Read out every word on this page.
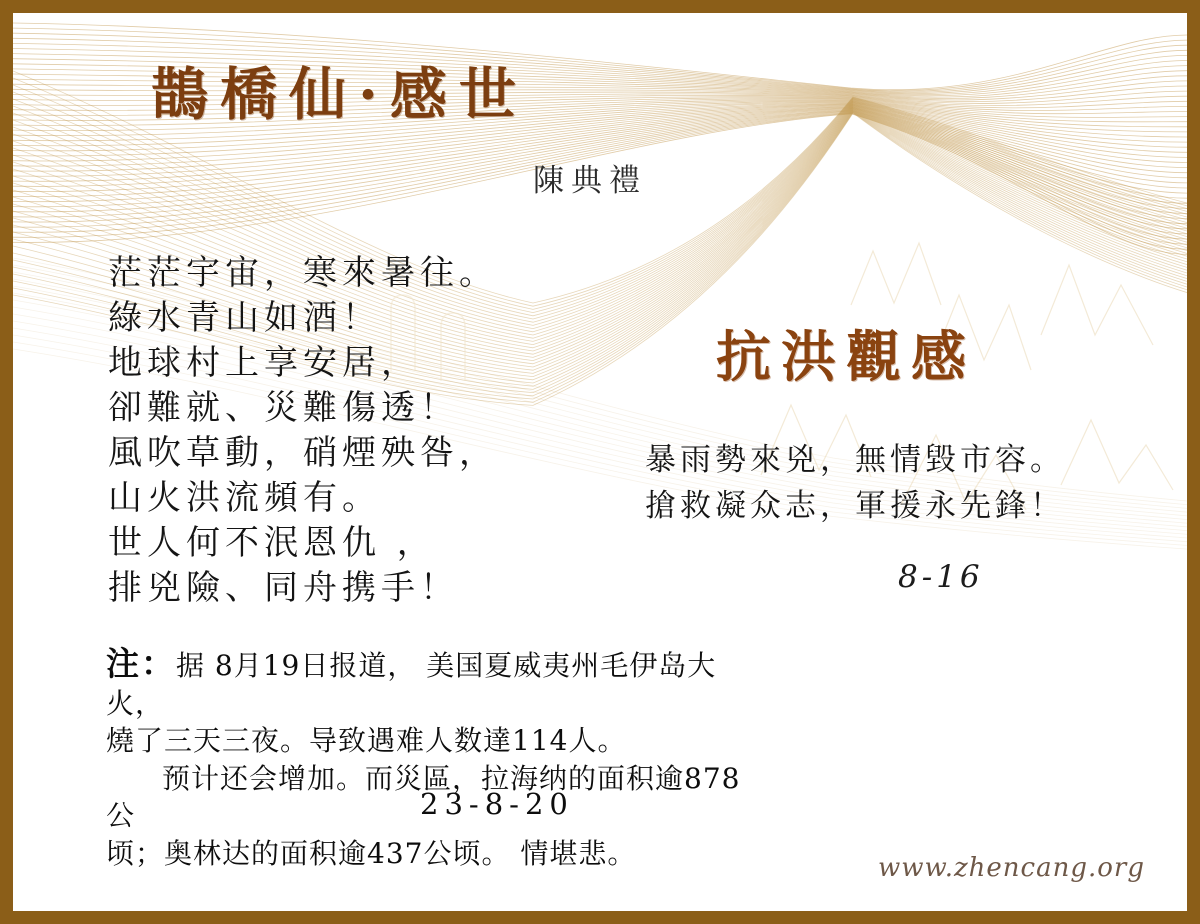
鵲橋仙·感世
陳典禮
茫茫宇宙，寒來暑往。
綠水青山如酒！
地球村上享安居，
卻難就、災難傷透！
風吹草動，硝煙殃咎，
山火洪流頻有。
世人何不泯恩仇 ，
排兇險、同舟携手！
抗洪觀感
暴雨勢來兇，無情毀市容。
搶救凝众志，軍援永先鋒！
8-16
注：据 8月19日报道， 美国夏威夷州毛伊岛大火，
燒了三天三夜。导致遇难人数達114人。
预计还会增加。而災區，拉海纳的面积逾878公
顷；奥林达的面积逾437公顷。 情堪悲。
23-8-20
www.zhencang.org
